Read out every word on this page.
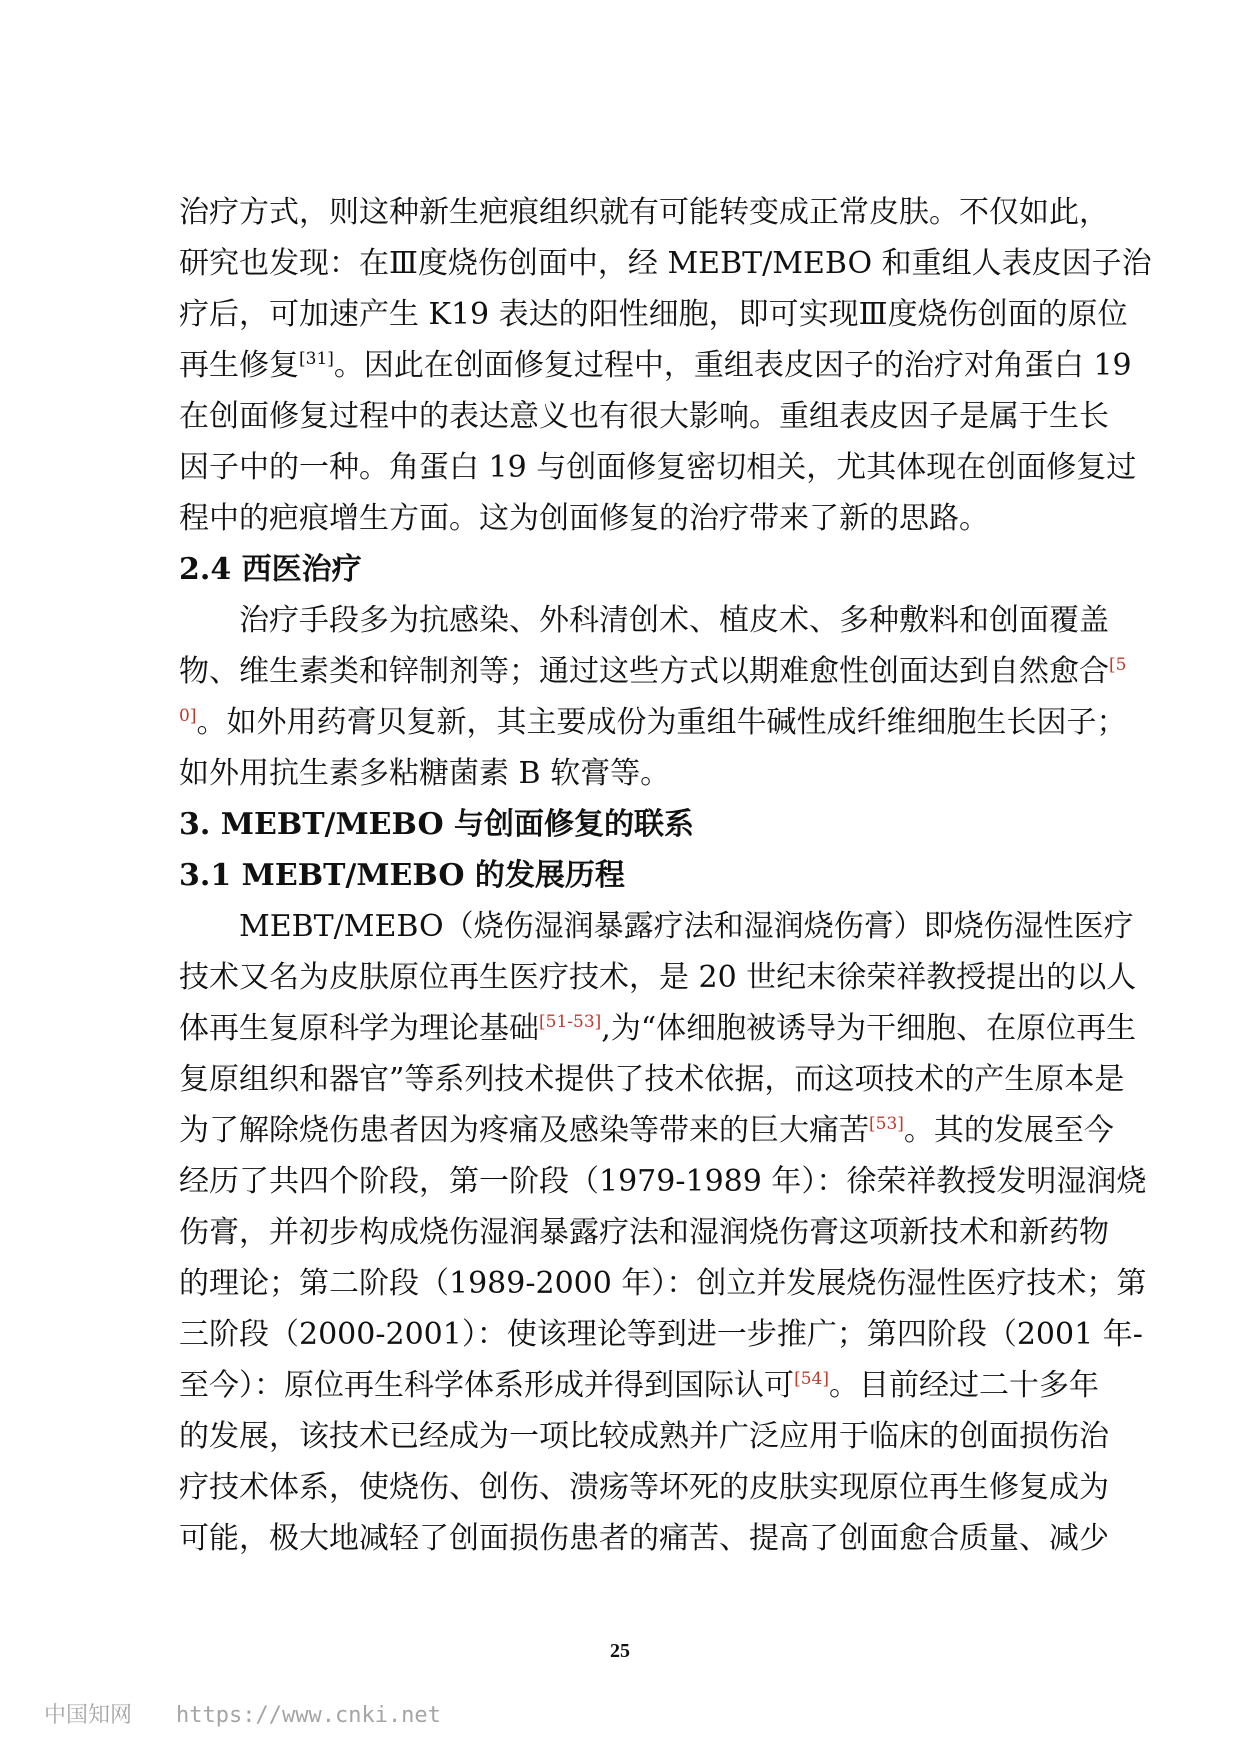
治疗方式，则这种新生疤痕组织就有可能转变成正常皮肤。不仅如此，
研究也发现：在Ⅲ度烧伤创面中，经 MEBT/MEBO 和重组人表皮因子治
疗后，可加速产生 K19 表达的阳性细胞，即可实现Ⅲ度烧伤创面的原位
再生修复[31]。因此在创面修复过程中，重组表皮因子的治疗对角蛋白 19
在创面修复过程中的表达意义也有很大影响。重组表皮因子是属于生长
因子中的一种。角蛋白 19 与创面修复密切相关，尤其体现在创面修复过
程中的疤痕增生方面。这为创面修复的治疗带来了新的思路。
2.4 西医治疗
治疗手段多为抗感染、外科清创术、植皮术、多种敷料和创面覆盖
物、维生素类和锌制剂等；通过这些方式以期难愈性创面达到自然愈合$^{[5}$
$^{0]}$。如外用药膏贝复新，其主要成份为重组牛碱性成纤维细胞生长因子；
如外用抗生素多粘糖菌素 B 软膏等。
3. MEBT/MEBO 与创面修复的联系
3.1 MEBT/MEBO 的发展历程
MEBT/MEBO（烧伤湿润暴露疗法和湿润烧伤膏）即烧伤湿性医疗
技术又名为皮肤原位再生医疗技术，是 20 世纪末徐荣祥教授提出的以人
体再生复原科学为理论基础[51-53],为“体细胞被诱导为干细胞、在原位再生
复原组织和器官”等系列技术提供了技术依据，而这项技术的产生原本是
为了解除烧伤患者因为疼痛及感染等带来的巨大痛苦[53]。其的发展至今
经历了共四个阶段，第一阶段（1979-1989 年）：徐荣祥教授发明湿润烧
伤膏，并初步构成烧伤湿润暴露疗法和湿润烧伤膏这项新技术和新药物
的理论；第二阶段（1989-2000 年）：创立并发展烧伤湿性医疗技术；第
三阶段（2000-2001）：使该理论等到进一步推广；第四阶段（2001 年-
至今）：原位再生科学体系形成并得到国际认可[54]。目前经过二十多年
的发展，该技术已经成为一项比较成熟并广泛应用于临床的创面损伤治
疗技术体系，使烧伤、创伤、溃疡等坏死的皮肤实现原位再生修复成为
可能，极大地减轻了创面损伤患者的痛苦、提高了创面愈合质量、减少
25
中国知网 https://www.cnki.net
